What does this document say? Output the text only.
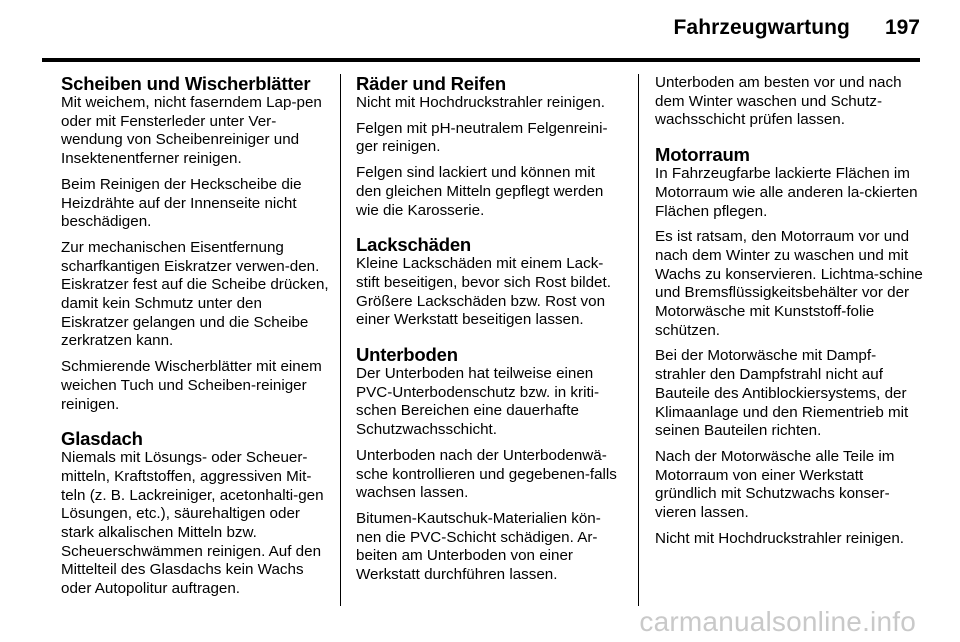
Fahrzeugwartung 197
Scheiben und Wischerblätter

Mit weichem, nicht faserndem Lap-pen oder mit Fensterleder unter Ver-wendung von Scheibenreiniger und Insektenentferner reinigen.

Beim Reinigen der Heckscheibe die Heizdrähte auf der Innenseite nicht beschädigen.

Zur mechanischen Eisentfernung scharfkantigen Eiskratzer verwen-den. Eiskratzer fest auf die Scheibe drücken, damit kein Schmutz unter den Eiskratzer gelangen und die Scheibe zerkratzen kann.

Schmierende Wischerblätter mit einem weichen Tuch und Scheiben-reiniger reinigen.

Glasdach

Niemals mit Lösungs- oder Scheuer-mitteln, Kraftstoffen, aggressiven Mit-teln (z. B. Lackreiniger, acetonhalti-gen Lösungen, etc.), säurehaltigen oder stark alkalischen Mitteln bzw. Scheuerschwämmen reinigen. Auf den Mittelteil des Glasdachs kein Wachs oder Autopolitur auftragen.

Räder und Reifen

Nicht mit Hochdruckstrahler reinigen.

Felgen mit pH-neutralem Felgenreini-ger reinigen.

Felgen sind lackiert und können mit den gleichen Mitteln gepflegt werden wie die Karosserie.

Lackschäden

Kleine Lackschäden mit einem Lack-stift beseitigen, bevor sich Rost bildet. Größere Lackschäden bzw. Rost von einer Werkstatt beseitigen lassen.

Unterboden

Der Unterboden hat teilweise einen PVC-Unterbodenschutz bzw. in kriti-schen Bereichen eine dauerhafte Schutzwachsschicht.

Unterboden nach der Unterbodenwä-sche kontrollieren und gegebenen-falls wachsen lassen.

Bitumen-Kautschuk-Materialien kön-nen die PVC-Schicht schädigen. Ar-beiten am Unterboden von einer Werkstatt durchführen lassen.

Unterboden am besten vor und nach dem Winter waschen und Schutz-wachsschicht prüfen lassen.

Motorraum

In Fahrzeugfarbe lackierte Flächen im Motorraum wie alle anderen la-ckierten Flächen pflegen.

Es ist ratsam, den Motorraum vor und nach dem Winter zu waschen und mit Wachs zu konservieren. Lichtma-schine und Bremsflüssigkeitsbehälter vor der Motorwäsche mit Kunststoff-folie schützen.

Bei der Motorwäsche mit Dampf-strahler den Dampfstrahl nicht auf Bauteile des Antiblockiersystems, der Klimaanlage und den Riementrieb mit seinen Bauteilen richten.

Nach der Motorwäsche alle Teile im Motorraum von einer Werkstatt gründlich mit Schutzwachs konser-vieren lassen.

Nicht mit Hochdruckstrahler reinigen.

carmanualsonline.info
